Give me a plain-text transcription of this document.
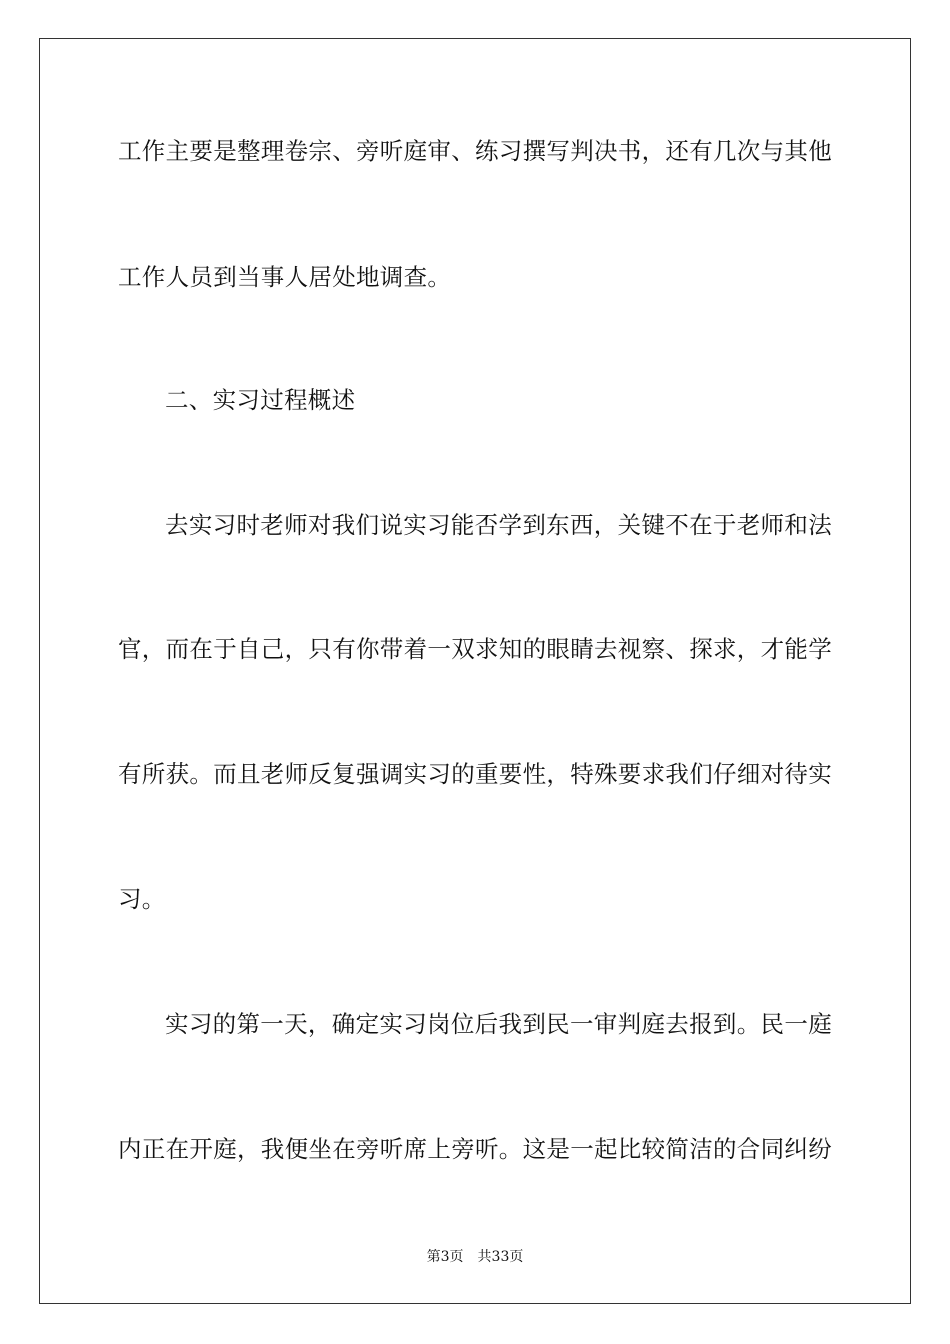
工作主要是整理卷宗、旁听庭审、练习撰写判决书，还有几次与其他
工作人员到当事人居处地调查。
二、实习过程概述
去实习时老师对我们说实习能否学到东西，关键不在于老师和法
官，而在于自己，只有你带着一双求知的眼睛去视察、探求，才能学
有所获。而且老师反复强调实习的重要性，特殊要求我们仔细对待实
习。
实习的第一天，确定实习岗位后我到民一审判庭去报到。民一庭
内正在开庭，我便坐在旁听席上旁听。这是一起比较简洁的合同纠纷
第3页 共33页
